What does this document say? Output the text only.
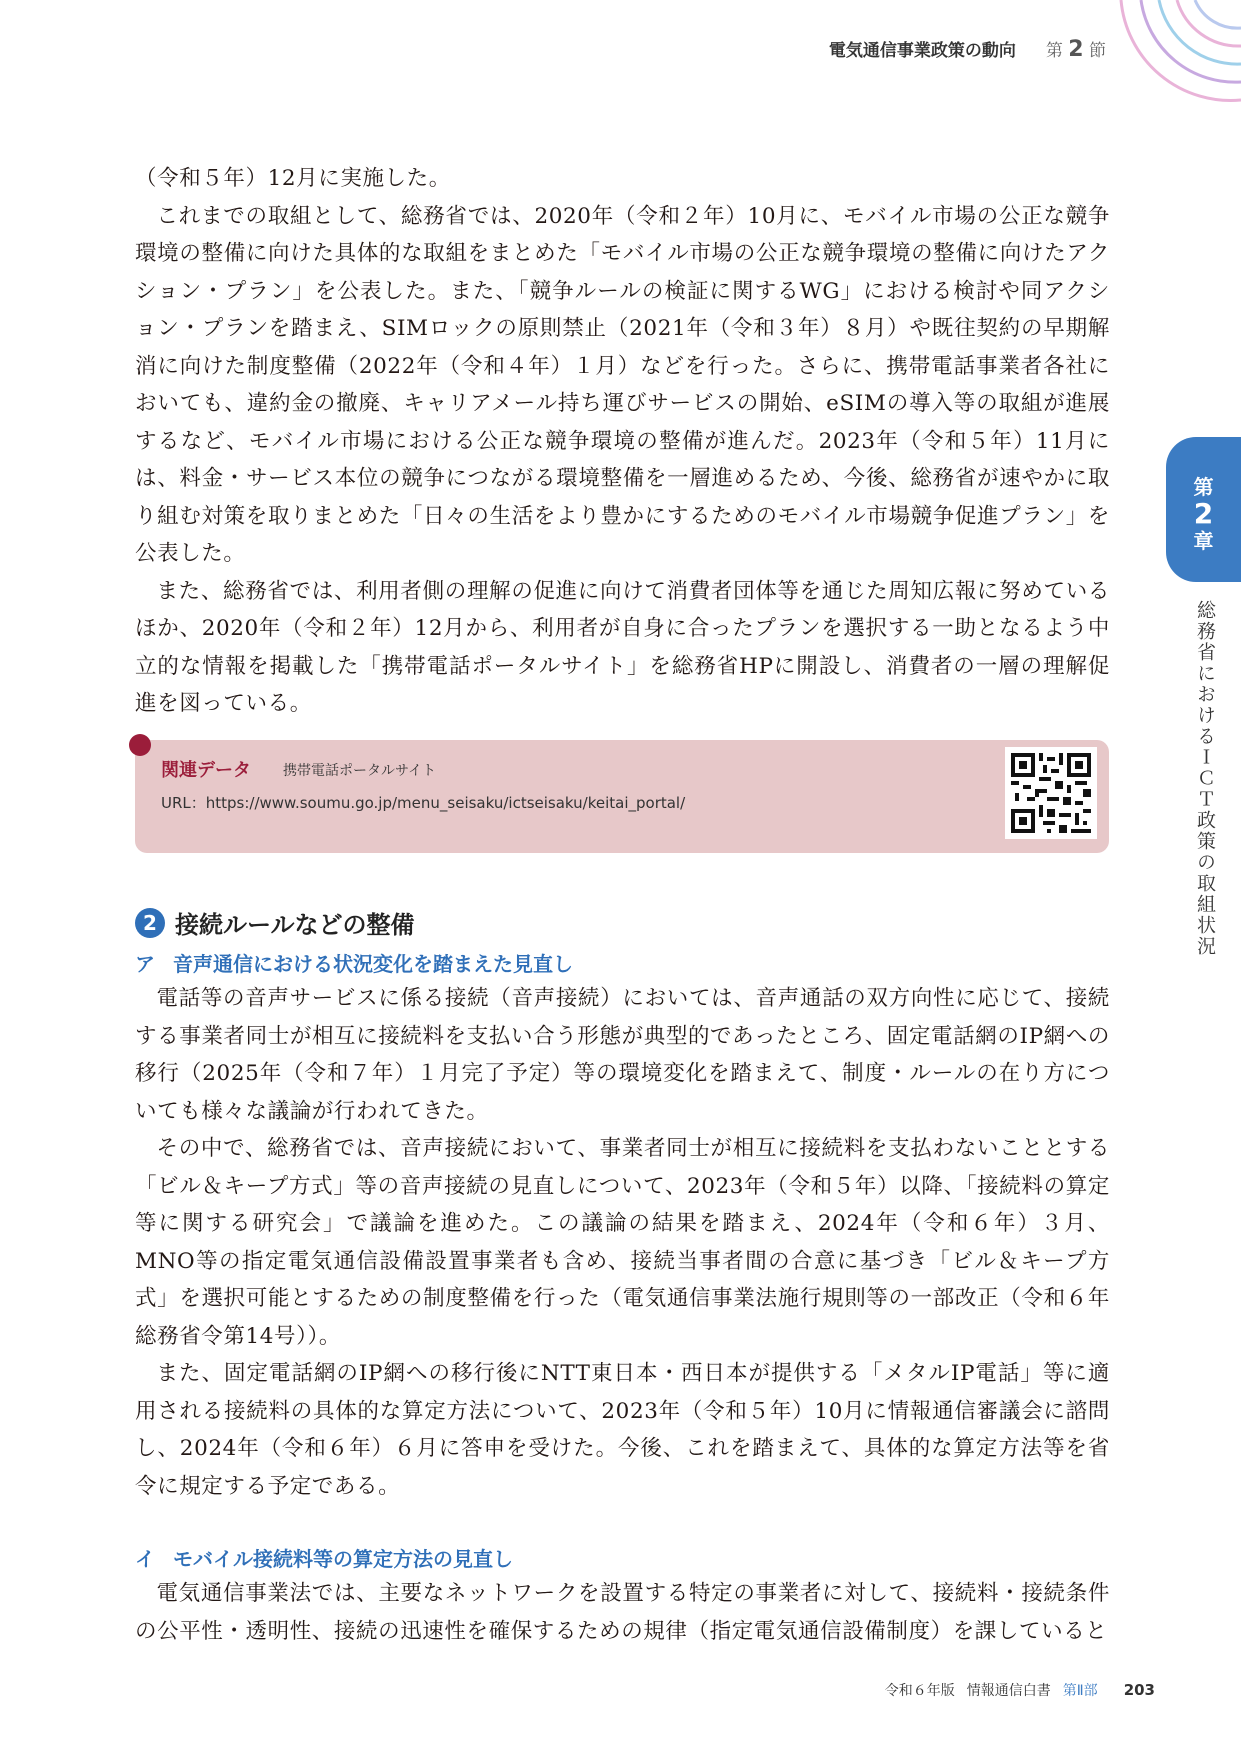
電気通信事業政策の動向 第 2 節

（令和５年）12月に実施した。

これまでの取組として、総務省では、2020年（令和２年）10月に、モバイル市場の公正な競争環境の整備に向けた具体的な取組をまとめた「モバイル市場の公正な競争環境の整備に向けたアクション・プラン」を公表した。また、「競争ルールの検証に関するWG」における検討や同アクション・プランを踏まえ、SIMロックの原則禁止（2021年（令和３年）８月）や既往契約の早期解消に向けた制度整備（2022年（令和４年）１月）などを行った。さらに、携帯電話事業者各社においても、違約金の撤廃、キャリアメール持ち運びサービスの開始、eSIMの導入等の取組が進展するなど、モバイル市場における公正な競争環境の整備が進んだ。2023年（令和５年）11月には、料金・サービス本位の競争につながる環境整備を一層進めるため、今後、総務省が速やかに取り組む対策を取りまとめた「日々の生活をより豊かにするためのモバイル市場競争促進プラン」を公表した。

また、総務省では、利用者側の理解の促進に向けて消費者団体等を通じた周知広報に努めているほか、2020年（令和２年）12月から、利用者が自身に合ったプランを選択する一助となるよう中立的な情報を掲載した「携帯電話ポータルサイト」を総務省HPに開設し、消費者の一層の理解促進を図っている。

第
2
章
総務省におけるＩＣＴ政策の取組状況
関連データ 携帯電話ポータルサイト
URL：https://www.soumu.go.jp/menu_seisaku/ictseisaku/keitai_portal/
2 接続ルールなどの整備
ア 音声通信における状況変化を踏まえた見直し

電話等の音声サービスに係る接続（音声接続）においては、音声通話の双方向性に応じて、接続する事業者同士が相互に接続料を支払い合う形態が典型的であったところ、固定電話網のIP網への移行（2025年（令和７年）１月完了予定）等の環境変化を踏まえて、制度・ルールの在り方についても様々な議論が行われてきた。

その中で、総務省では、音声接続において、事業者同士が相互に接続料を支払わないこととする「ビル＆キープ方式」等の音声接続の見直しについて、2023年（令和５年）以降、「接続料の算定等に関する研究会」で議論を進めた。この議論の結果を踏まえ、2024年（令和６年）３月、MNO等の指定電気通信設備設置事業者も含め、接続当事者間の合意に基づき「ビル＆キープ方式」を選択可能とするための制度整備を行った（電気通信事業法施行規則等の一部改正（令和６年総務省令第14号））。

また、固定電話網のIP網への移行後にNTT東日本・西日本が提供する「メタルIP電話」等に適用される接続料の具体的な算定方法について、2023年（令和５年）10月に情報通信審議会に諮問し、2024年（令和６年）６月に答申を受けた。今後、これを踏まえて、具体的な算定方法等を省令に規定する予定である。

イ モバイル接続料等の算定方法の見直し

電気通信事業法では、主要なネットワークを設置する特定の事業者に対して、接続料・接続条件の公平性・透明性、接続の迅速性を確保するための規律（指定電気通信設備制度）を課していると

令和６年版 情報通信白書 第Ⅱ部 203
